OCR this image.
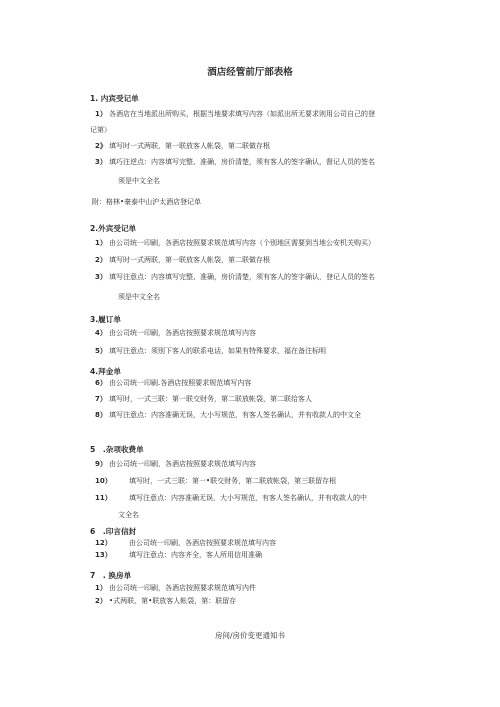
酒店经管前厅部表格
1. 内宾受记单
1） 各酒店在当地派出所购买，根据当地要求填写内容（如派出所无要求则用公司自己的登
记第）
2》 填写时一式两联，第一联放客人帐袋，第二联做存根
3） 填巧注逆点：内容填写完整、准确，房价清楚，须有客人的签字确认，督记人员的签名
须是中文全名
附：格林•豪泰中山沪太酒店登记单
2.外宾受记单
1） 由公司统一印刷，各酒店按照要求规范填写内容（个别地区需要到当地公安机关购买）
2） 填写时一式两联，第一联放客人帐袋，第二联做存根
3） 填写注意点：内容填写完整、准确，房价清楚，须有客人的签字确认，登记人员的签名
须是中文全名
3.履订单
4） 由公司统一印刷，各酒店按照要求规范填写内容
5） 填写注意点：须别下客人的联系电话，如果有特殊要求，福在备注标明
4.拜金单
6） 由公司统一印刷.各酒店按照要求规范填写内容
7） 填写时，一式三联：第一联交财务，第二联放帐袋，第二联给客人
8） 填写注意点：内容准确无误，大小写规范，有客人签名确认，并有收款人的中文全
5　.杂项收费单
9） 由公司统一印刷，各酒店按照要求规范填写内容
10） 填写时，一式三联：第一•联交财务，第二联放帐袋，第三联留存根
11） 填写注意点：内容准确无误，大小写规范，有客人签名确认，并有收款人的中
文全名
6　.印言信封
12） 由公司统一印刷，各酒店按照要求规范填写内容
13） 填写注意点：内容齐全，客人所用信用准确
7　. 换房单
1） 由公司统一印刷，各酒店按照要求规范填写内件
2） •式两联、第•联放客人帐袋，第：联留存
房间/房价变更通知书
